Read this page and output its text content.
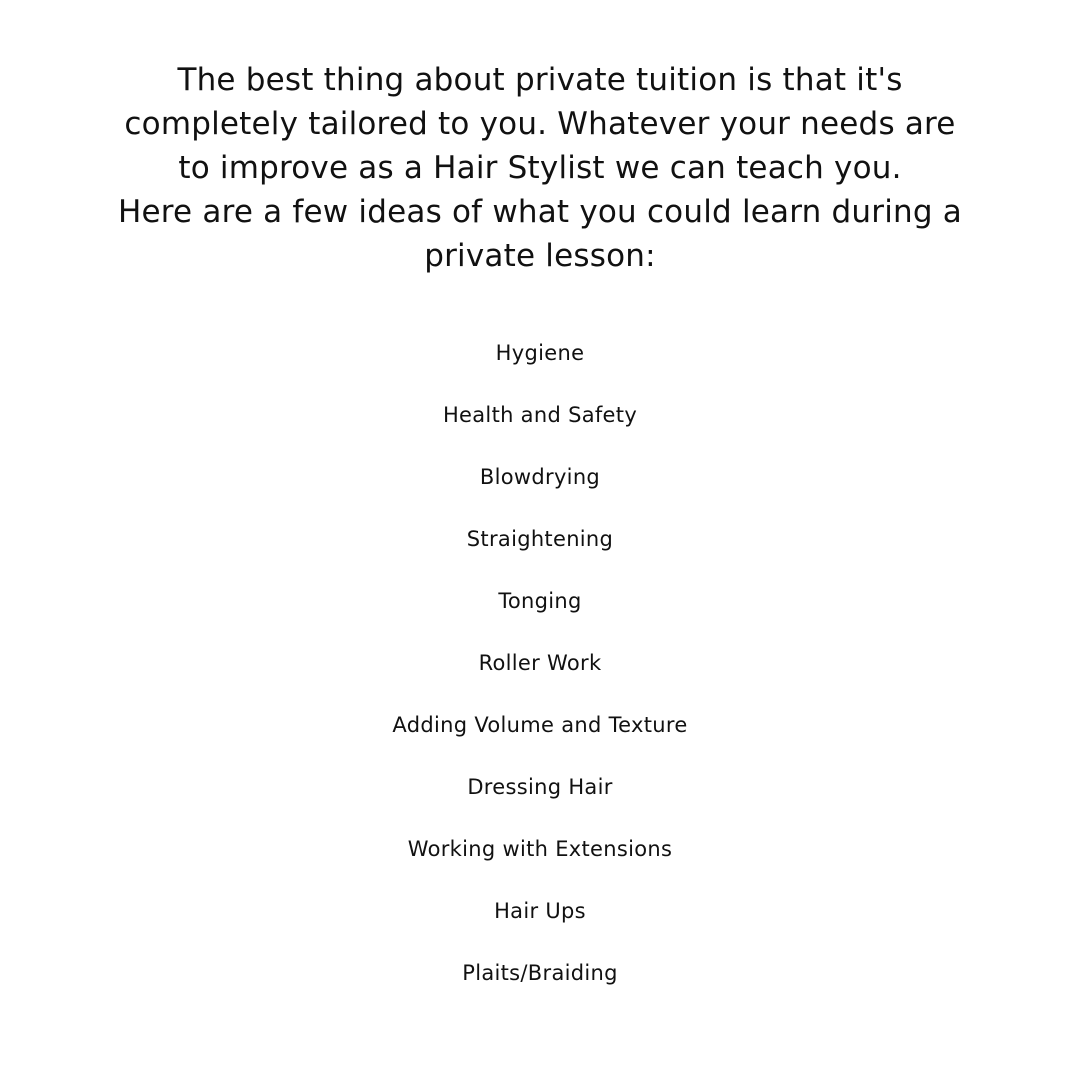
The best thing about private tuition is that it's
completely tailored to you. Whatever your needs are
to improve as a Hair Stylist we can teach you.
Here are a few ideas of what you could learn during a
private lesson:
Hygiene
Health and Safety
Blowdrying
Straightening
Tonging
Roller Work
Adding Volume and Texture
Dressing Hair
Working with Extensions
Hair Ups
Plaits/Braiding
